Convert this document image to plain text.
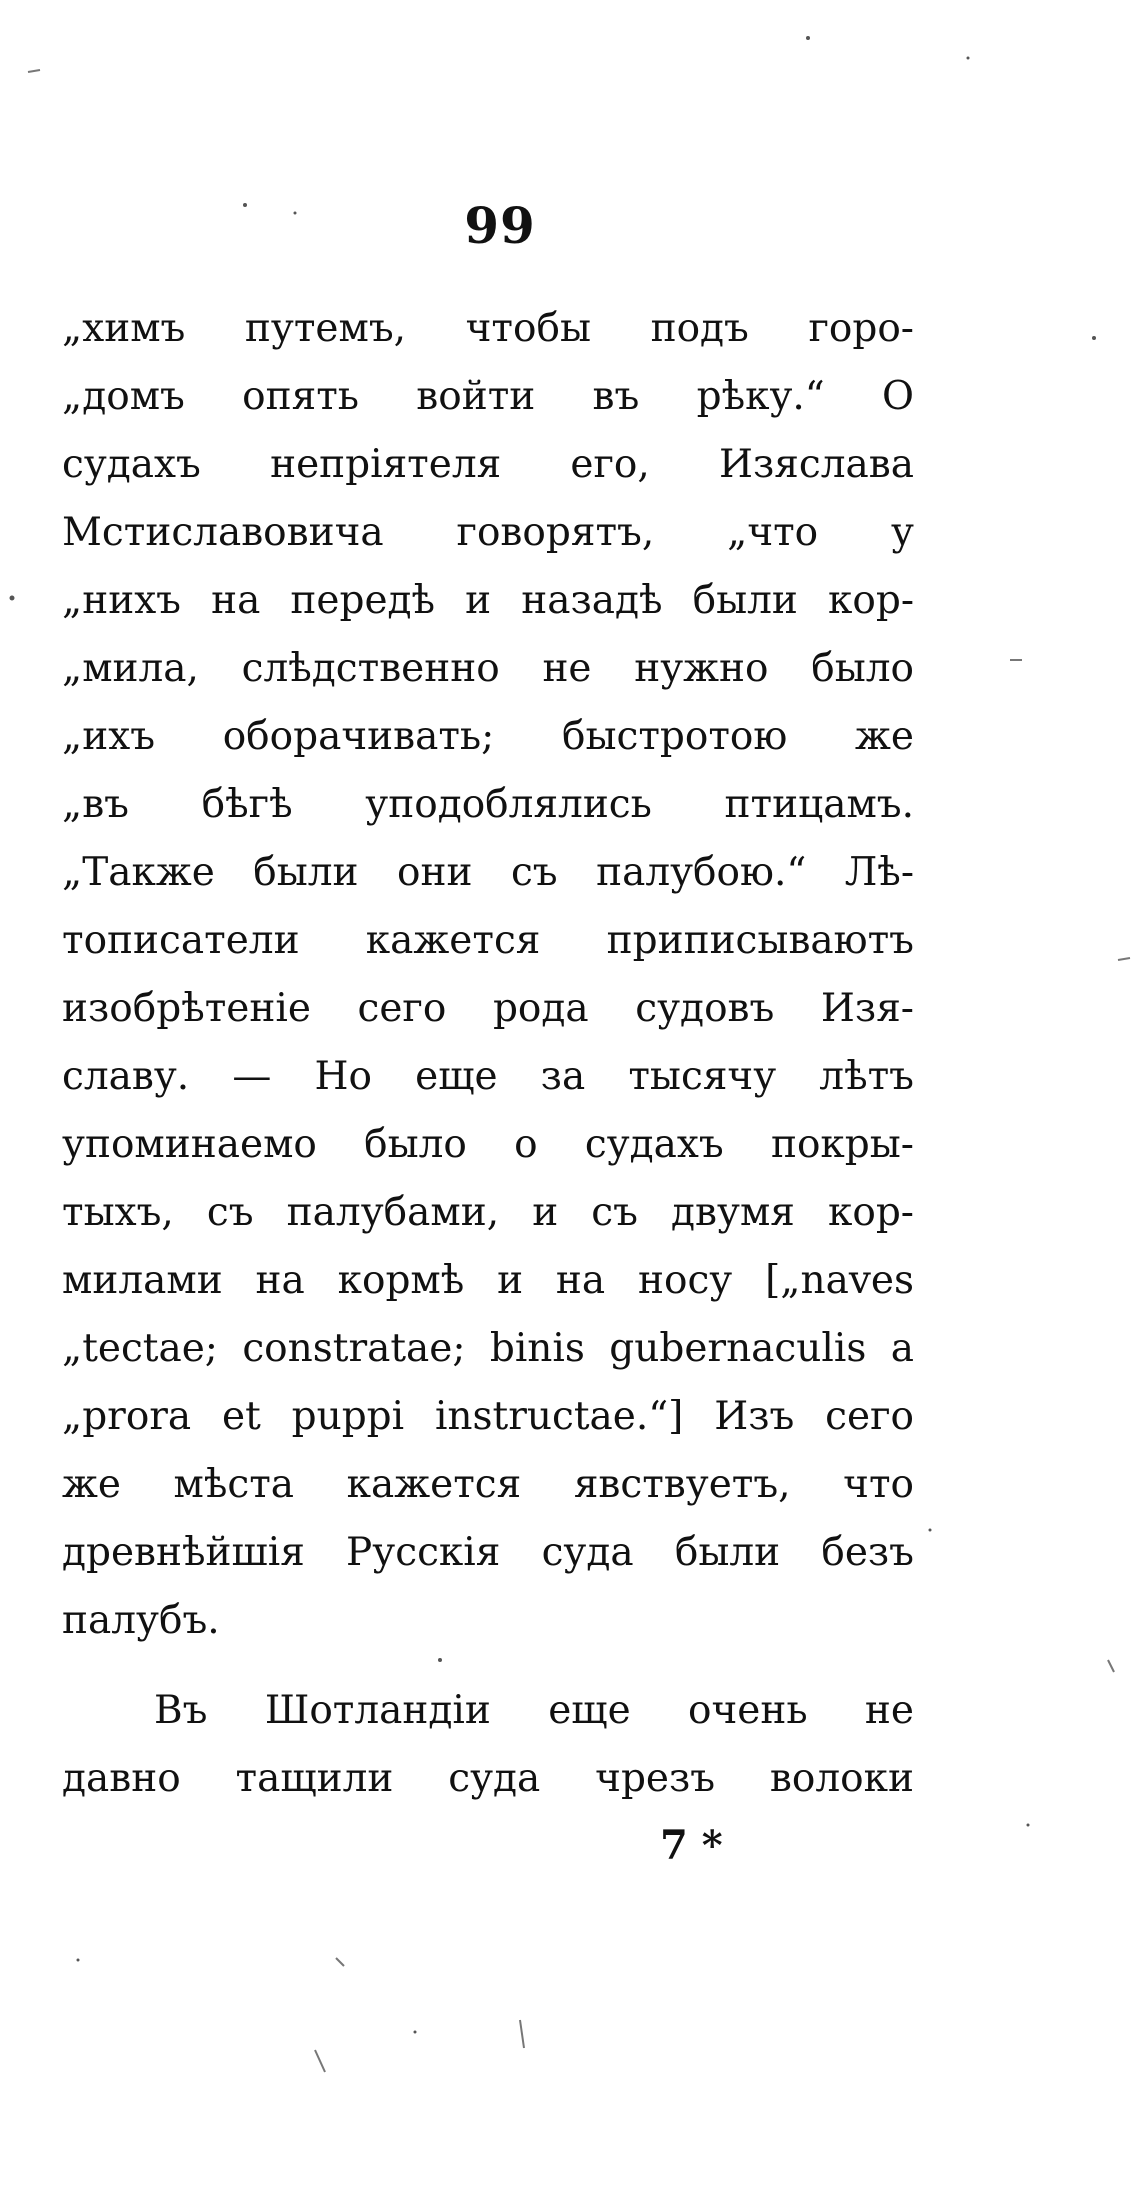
99
„химъ путемъ, чтобы подъ горо-
„домъ опять войти въ рѣку.“ О
судахъ непріятеля его, Изяслава
Мстиславовича говорятъ, „что у
„нихъ на передѣ и назадѣ были кор-
„мила, слѣдственно не нужно было
„ихъ оборачивать; быстротою же
„въ бѣгѣ уподоблялись птицамъ.
„Также были они съ палубою.“ Лѣ-
тописатели кажется приписываютъ
изобрѣтеніе сего рода судовъ Изя-
славу. — Но еще за тысячу лѣтъ
упоминаемо было о судахъ покры-
тыхъ, съ палубами, и съ двумя кор-
милами на кормѣ и на носу [„naves
„tectae; constratae; binis gubernaculis a
„prora et puppi instructae.“] Изъ сего
же мѣста кажется явствуетъ, что
древнѣйшія Русскія суда были безъ
палубъ.
Въ Шотландіи еще очень не
давно тащили суда чрезъ волоки
7 *
